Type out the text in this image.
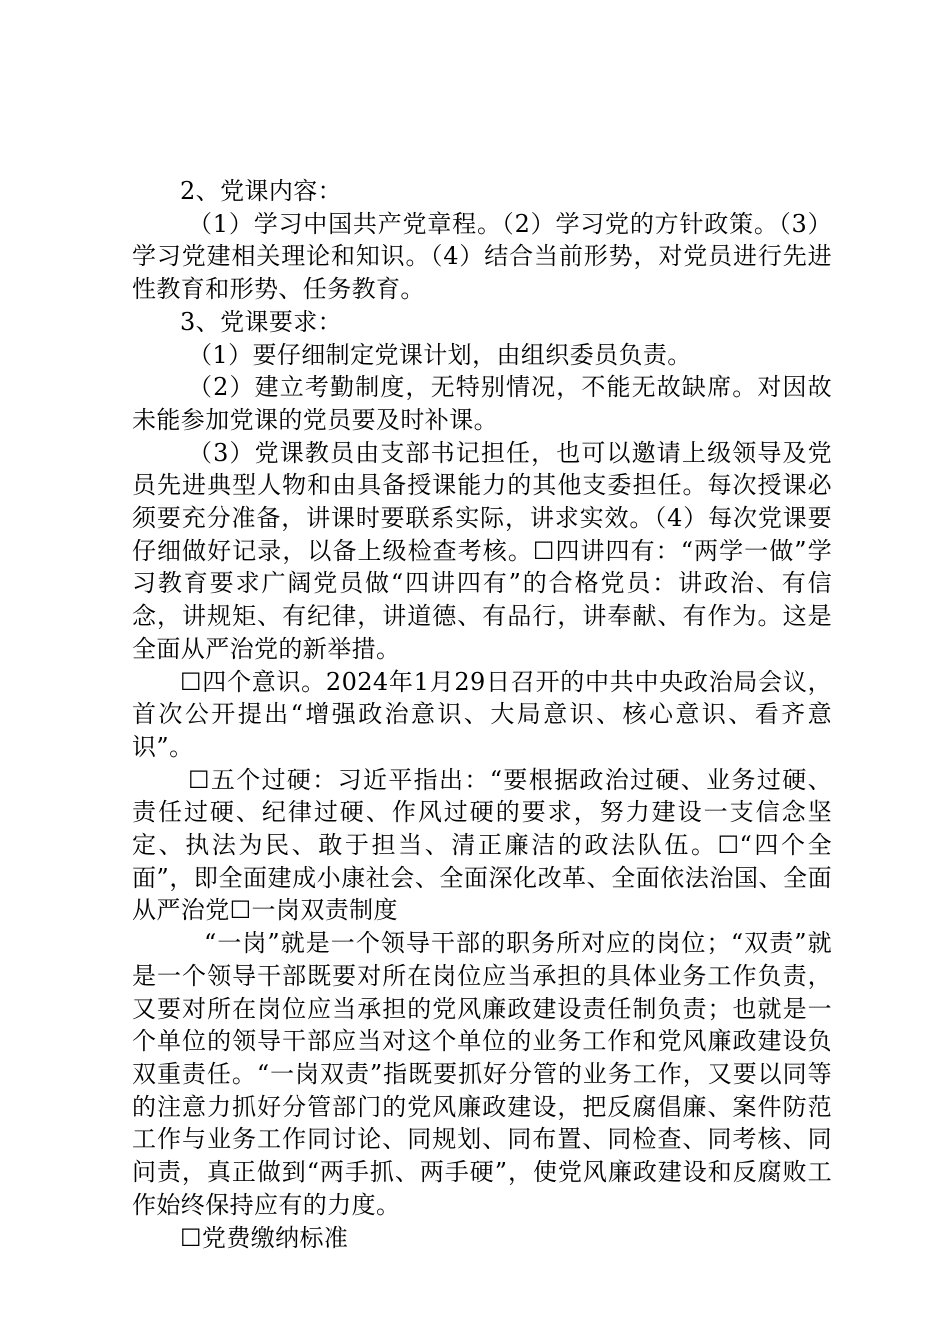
2、党课内容：

（1）学习中国共产党章程。（2）学习党的方针政策。（3）学习党建相关理论和知识。（4）结合当前形势，对党员进行先进性教育和形势、任务教育。

3、党课要求：

（1）要仔细制定党课计划，由组织委员负责。

（2）建立考勤制度，无特别情况，不能无故缺席。对因故未能参加党课的党员要及时补课。

（3）党课教员由支部书记担任，也可以邀请上级领导及党员先进典型人物和由具备授课能力的其他支委担任。每次授课必须要充分准备，讲课时要联系实际，讲求实效。（4）每次党课要仔细做好记录，以备上级检查考核。☐四讲四有：“两学一做”学习教育要求广阔党员做“四讲四有”的合格党员：讲政治、有信念，讲规矩、有纪律，讲道德、有品行，讲奉献、有作为。这是全面从严治党的新举措。

☐四个意识。2024年1月29日召开的中共中央政治局会议，首次公开提出“增强政治意识、大局意识、核心意识、看齐意识”。

☐五个过硬：习近平指出：“要根据政治过硬、业务过硬、责任过硬、纪律过硬、作风过硬的要求，努力建设一支信念坚定、执法为民、敢于担当、清正廉洁的政法队伍。☐“四个全面”，即全面建成小康社会、全面深化改革、全面依法治国、全面从严治党☐一岗双责制度

“一岗”就是一个领导干部的职务所对应的岗位；“双责”就是一个领导干部既要对所在岗位应当承担的具体业务工作负责，又要对所在岗位应当承担的党风廉政建设责任制负责；也就是一个单位的领导干部应当对这个单位的业务工作和党风廉政建设负双重责任。“一岗双责”指既要抓好分管的业务工作，又要以同等的注意力抓好分管部门的党风廉政建设，把反腐倡廉、案件防范工作与业务工作同讨论、同规划、同布置、同检查、同考核、同问责，真正做到“两手抓、两手硬”，使党风廉政建设和反腐败工作始终保持应有的力度。

☐党费缴纳标准
